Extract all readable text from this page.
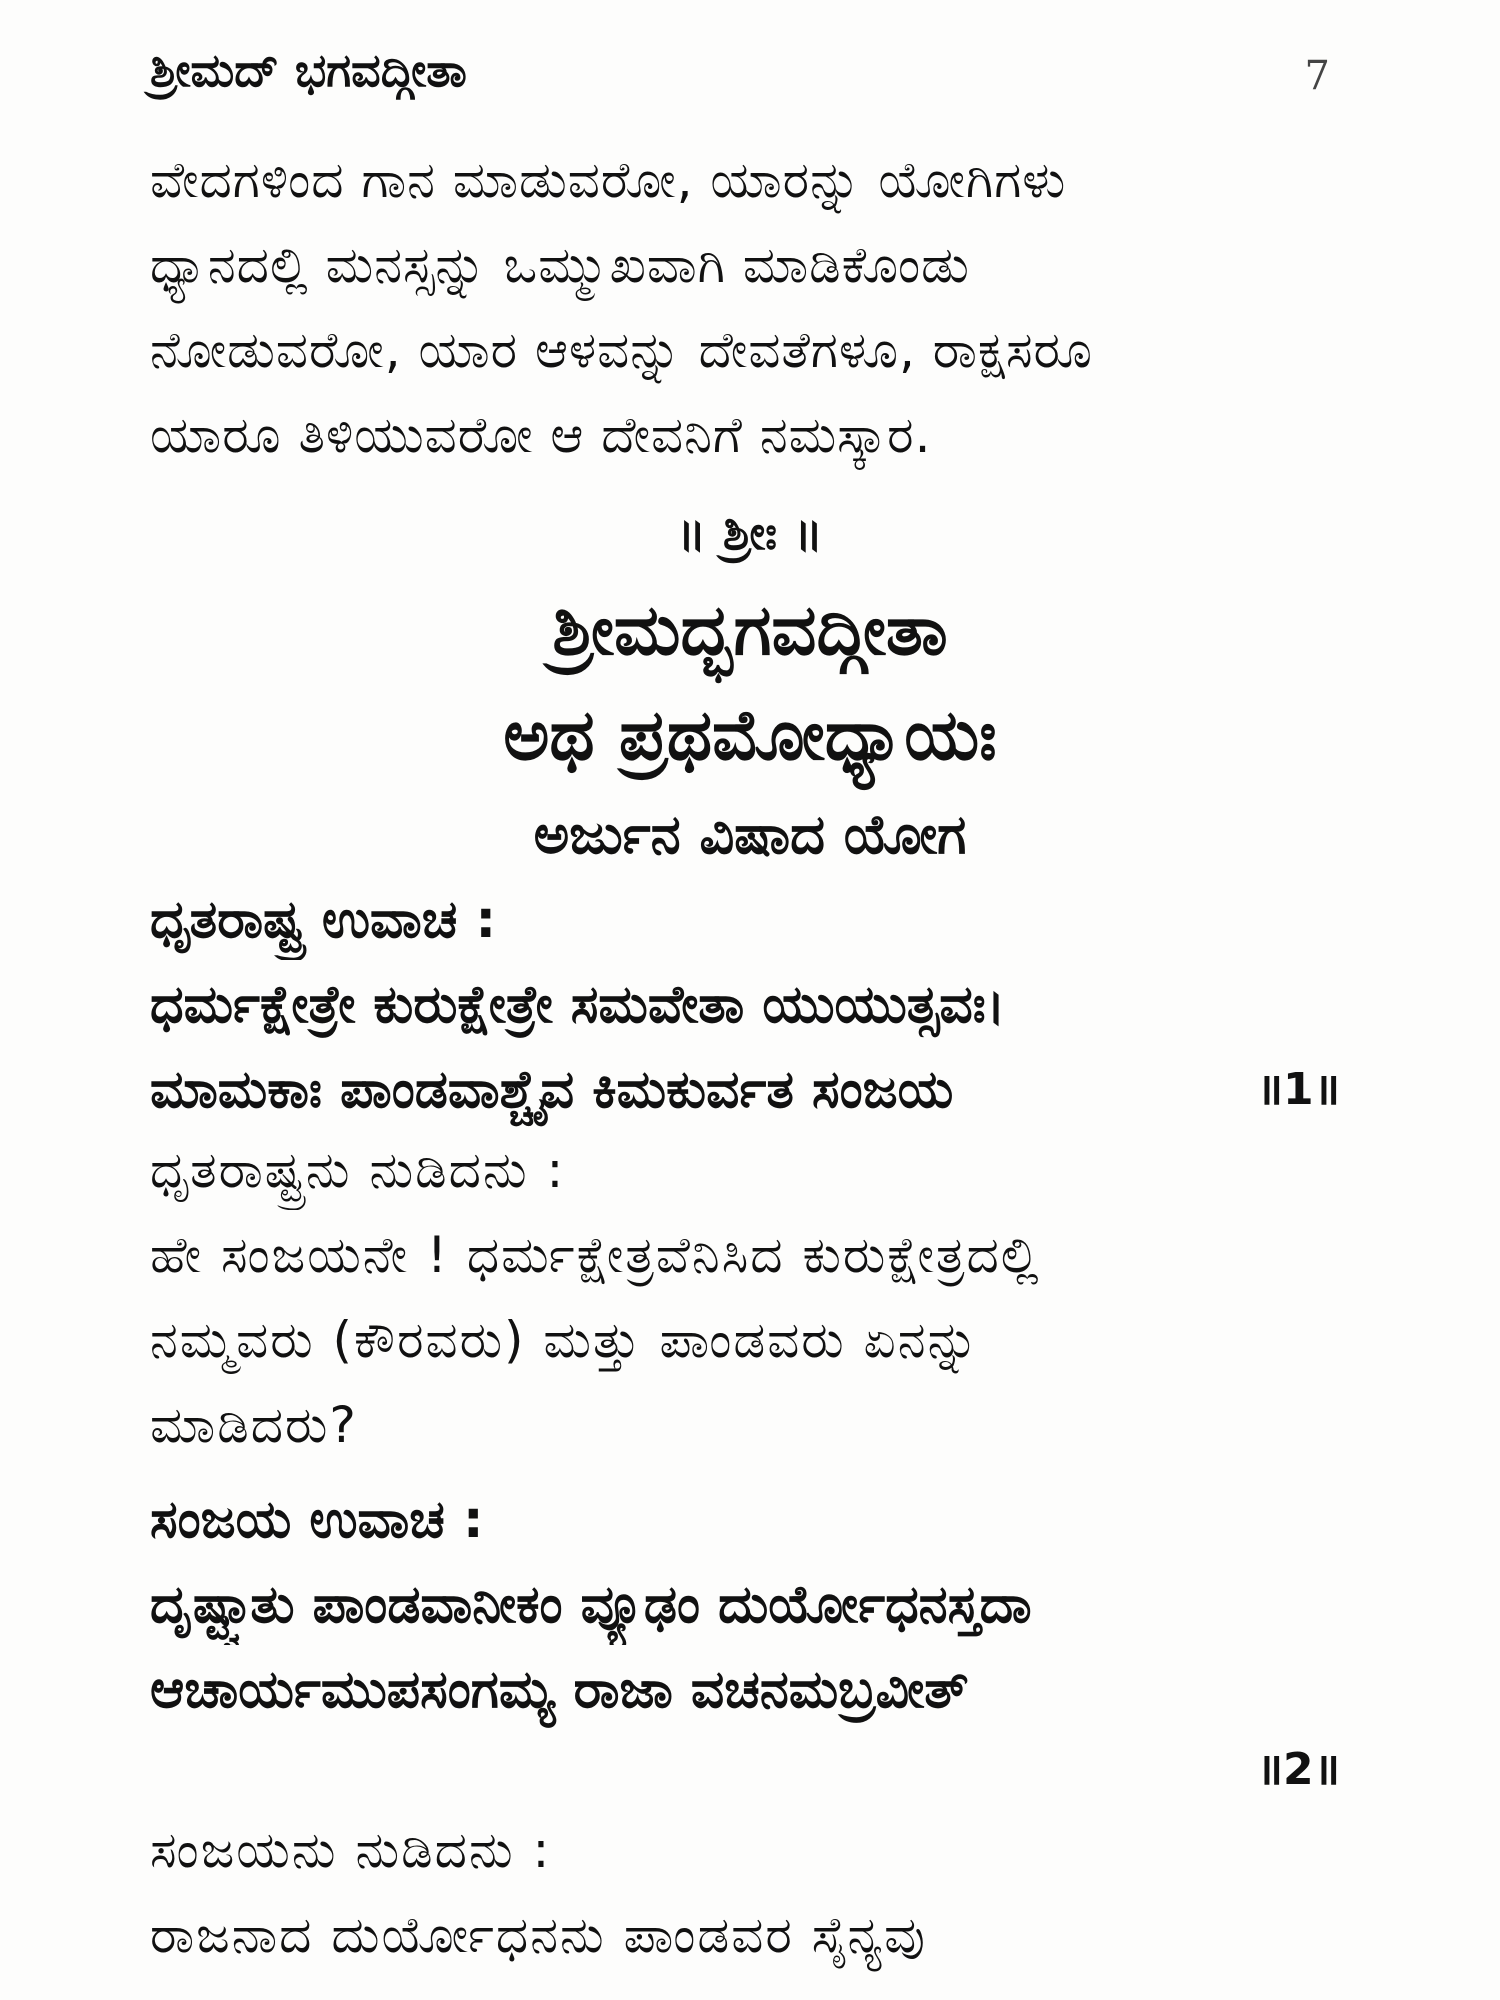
ಶ್ರೀಮದ್ ಭಗವದ್ಗೀತಾ	7
ವೇದಗಳಿಂದ ಗಾನ ಮಾಡುವರೋ, ಯಾರನ್ನು ಯೋಗಿಗಳು
ಧ್ಯಾನದಲ್ಲಿ ಮನಸ್ಸನ್ನು ಒಮ್ಮುಖವಾಗಿ ಮಾಡಿಕೊಂಡು
ನೋಡುವರೋ, ಯಾರ ಆಳವನ್ನು ದೇವತೆಗಳೂ, ರಾಕ್ಷಸರೂ
ಯಾರೂ ತಿಳಿಯುವರೋ ಆ ದೇವನಿಗೆ ನಮಸ್ಕಾರ.
॥ ಶ್ರೀಃ ॥
ಶ್ರೀಮದ್ಭಗವದ್ಗೀತಾ
ಅಥ ಪ್ರಥಮೋಧ್ಯಾಯಃ
ಅರ್ಜುನ ವಿಷಾದ ಯೋಗ
ಧೃತರಾಷ್ಟ್ರ ಉವಾಚ :
ಧರ್ಮಕ್ಷೇತ್ರೇ ಕುರುಕ್ಷೇತ್ರೇ ಸಮವೇತಾ ಯುಯುತ್ಸವಃ।
ಮಾಮಕಾಃ ಪಾಂಡವಾಶ್ಚೈವ ಕಿಮಕುರ್ವತ ಸಂಜಯ	॥1॥
ಧೃತರಾಷ್ಟ್ರನು ನುಡಿದನು :
ಹೇ ಸಂಜಯನೇ ! ಧರ್ಮಕ್ಷೇತ್ರವೆನಿಸಿದ ಕುರುಕ್ಷೇತ್ರದಲ್ಲಿ
ನಮ್ಮವರು (ಕೌರವರು) ಮತ್ತು ಪಾಂಡವರು ಏನನ್ನು
ಮಾಡಿದರು?
ಸಂಜಯ ಉವಾಚ :
ದೃಷ್ಟ್ವಾತು ಪಾಂಡವಾನೀಕಂ ವ್ಯೂಢಂ ದುರ್ಯೋಧನಸ್ತದಾ
ಆಚಾರ್ಯಮುಪಸಂಗಮ್ಯ ರಾಜಾ ವಚನಮಬ್ರವೀತ್
॥2॥
ಸಂಜಯನು ನುಡಿದನು :
ರಾಜನಾದ ದುರ್ಯೋಧನನು ಪಾಂಡವರ ಸೈನ್ಯವು
